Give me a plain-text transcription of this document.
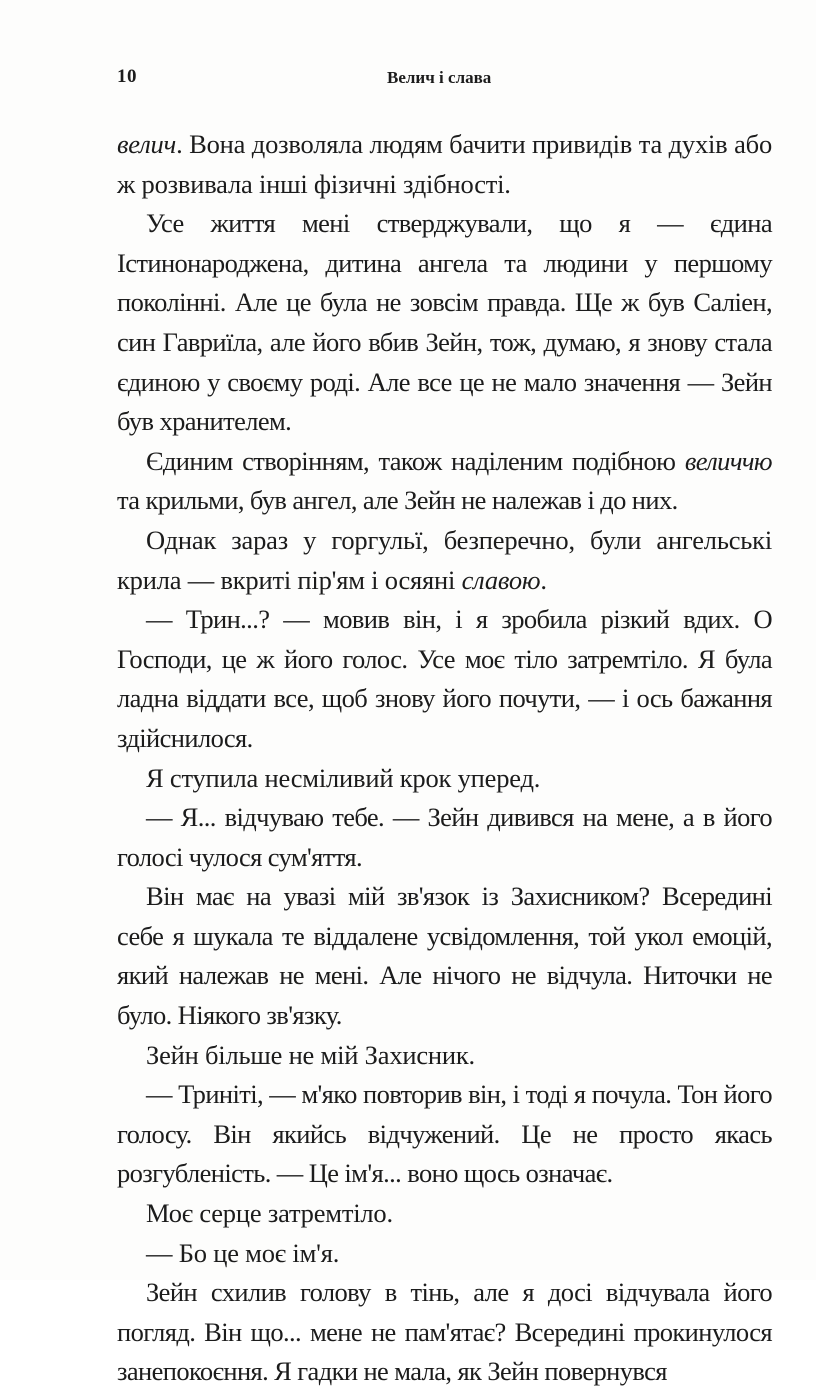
10	Велич і слава

велич. Вона дозволяла людям бачити привидів та духів або ж розвивала інші фізичні здібності.

Усе життя мені стверджували, що я — єдина Істинонароджена, дитина ангела та людини у першому поколінні. Але це була не зовсім правда. Ще ж був Саліен, син Гавриїла, але його вбив Зейн, тож, думаю, я знову стала єдиною у своєму роді. Але все це не мало значення — Зейн був хранителем.

Єдиним створінням, також наділеним подібною величчю та крильми, був ангел, але Зейн не належав і до них.

Однак зараз у горгульї, безперечно, були ангельські крила — вкриті пір'ям і осяяні славою.

— Трин...? — мовив він, і я зробила різкий вдих. О Господи, це ж його голос. Усе моє тіло затремтіло. Я була ладна віддати все, щоб знову його почути, — і ось бажання здійснилося.

Я ступила несміливий крок уперед.

— Я... відчуваю тебе. — Зейн дивився на мене, а в його голосі чулося сум'яття.

Він має на увазі мій зв'язок із Захисником? Всередині себе я шукала те віддалене усвідомлення, той укол емоцій, який належав не мені. Але нічого не відчула. Ниточки не було. Ніякого зв'язку.

Зейн більше не мій Захисник.

— Триніті, — м'яко повторив він, і тоді я почула. Тон його голосу. Він якийсь відчужений. Це не просто якась розгубленість. — Це ім'я... воно щось означає.

Моє серце затремтіло.

— Бо це моє ім'я.

Зейн схилив голову в тінь, але я досі відчувала його погляд. Він що... мене не пам'ятає? Всередині прокинулося занепокоєння. Я гадки не мала, як Зейн повернувся
